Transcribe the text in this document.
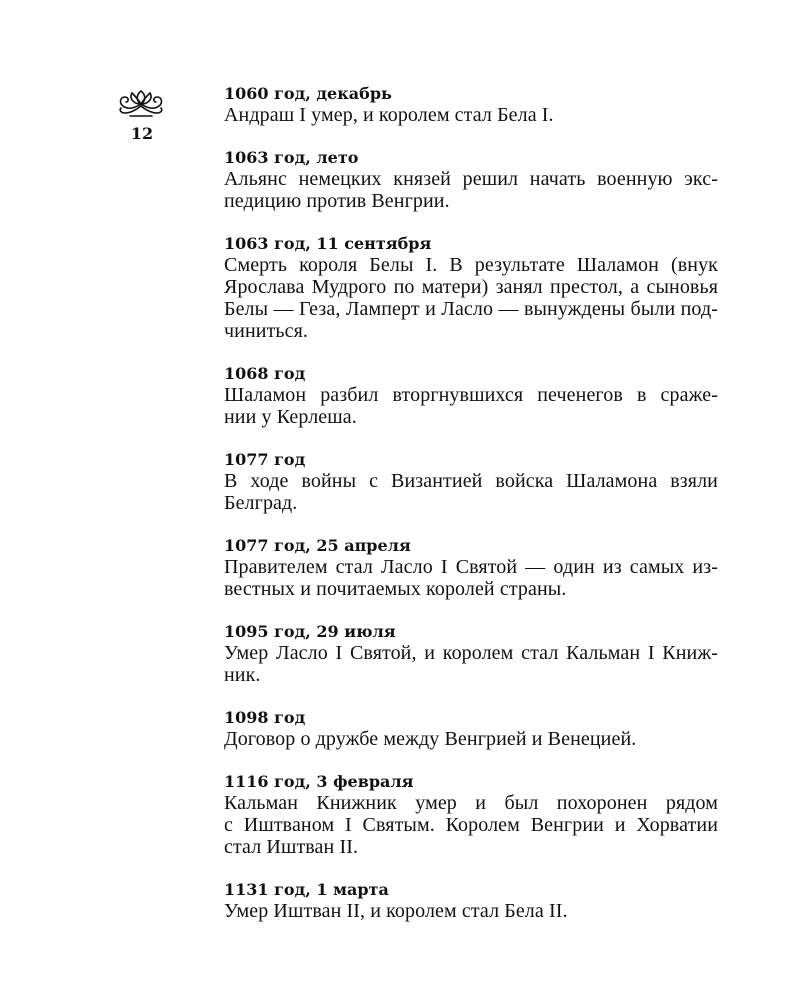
12
1060 год, декабрь
Андраш I умер, и королем стал Бела I.
1063 год, лето
Альянс немецких князей решил начать военную экс-
педицию против Венгрии.
1063 год, 11 сентября
Смерть короля Белы I. В результате Шаламон (внук
Ярослава Мудрого по матери) занял престол, а сыновья
Белы — Геза, Ламперт и Ласло — вынуждены были под-
чиниться.
1068 год
Шаламон разбил вторгнувшихся печенегов в сраже-
нии у Керлеша.
1077 год
В ходе войны с Византией войска Шаламона взяли
Белград.
1077 год, 25 апреля
Правителем стал Ласло I Святой — один из самых из-
вестных и почитаемых королей страны.
1095 год, 29 июля
Умер Ласло I Святой, и королем стал Кальман I Книж-
ник.
1098 год
Договор о дружбе между Венгрией и Венецией.
1116 год, 3 февраля
Кальман Книжник умер и был похоронен рядом
с Иштваном I Святым. Королем Венгрии и Хорватии
стал Иштван II.
1131 год, 1 марта
Умер Иштван II, и королем стал Бела II.
